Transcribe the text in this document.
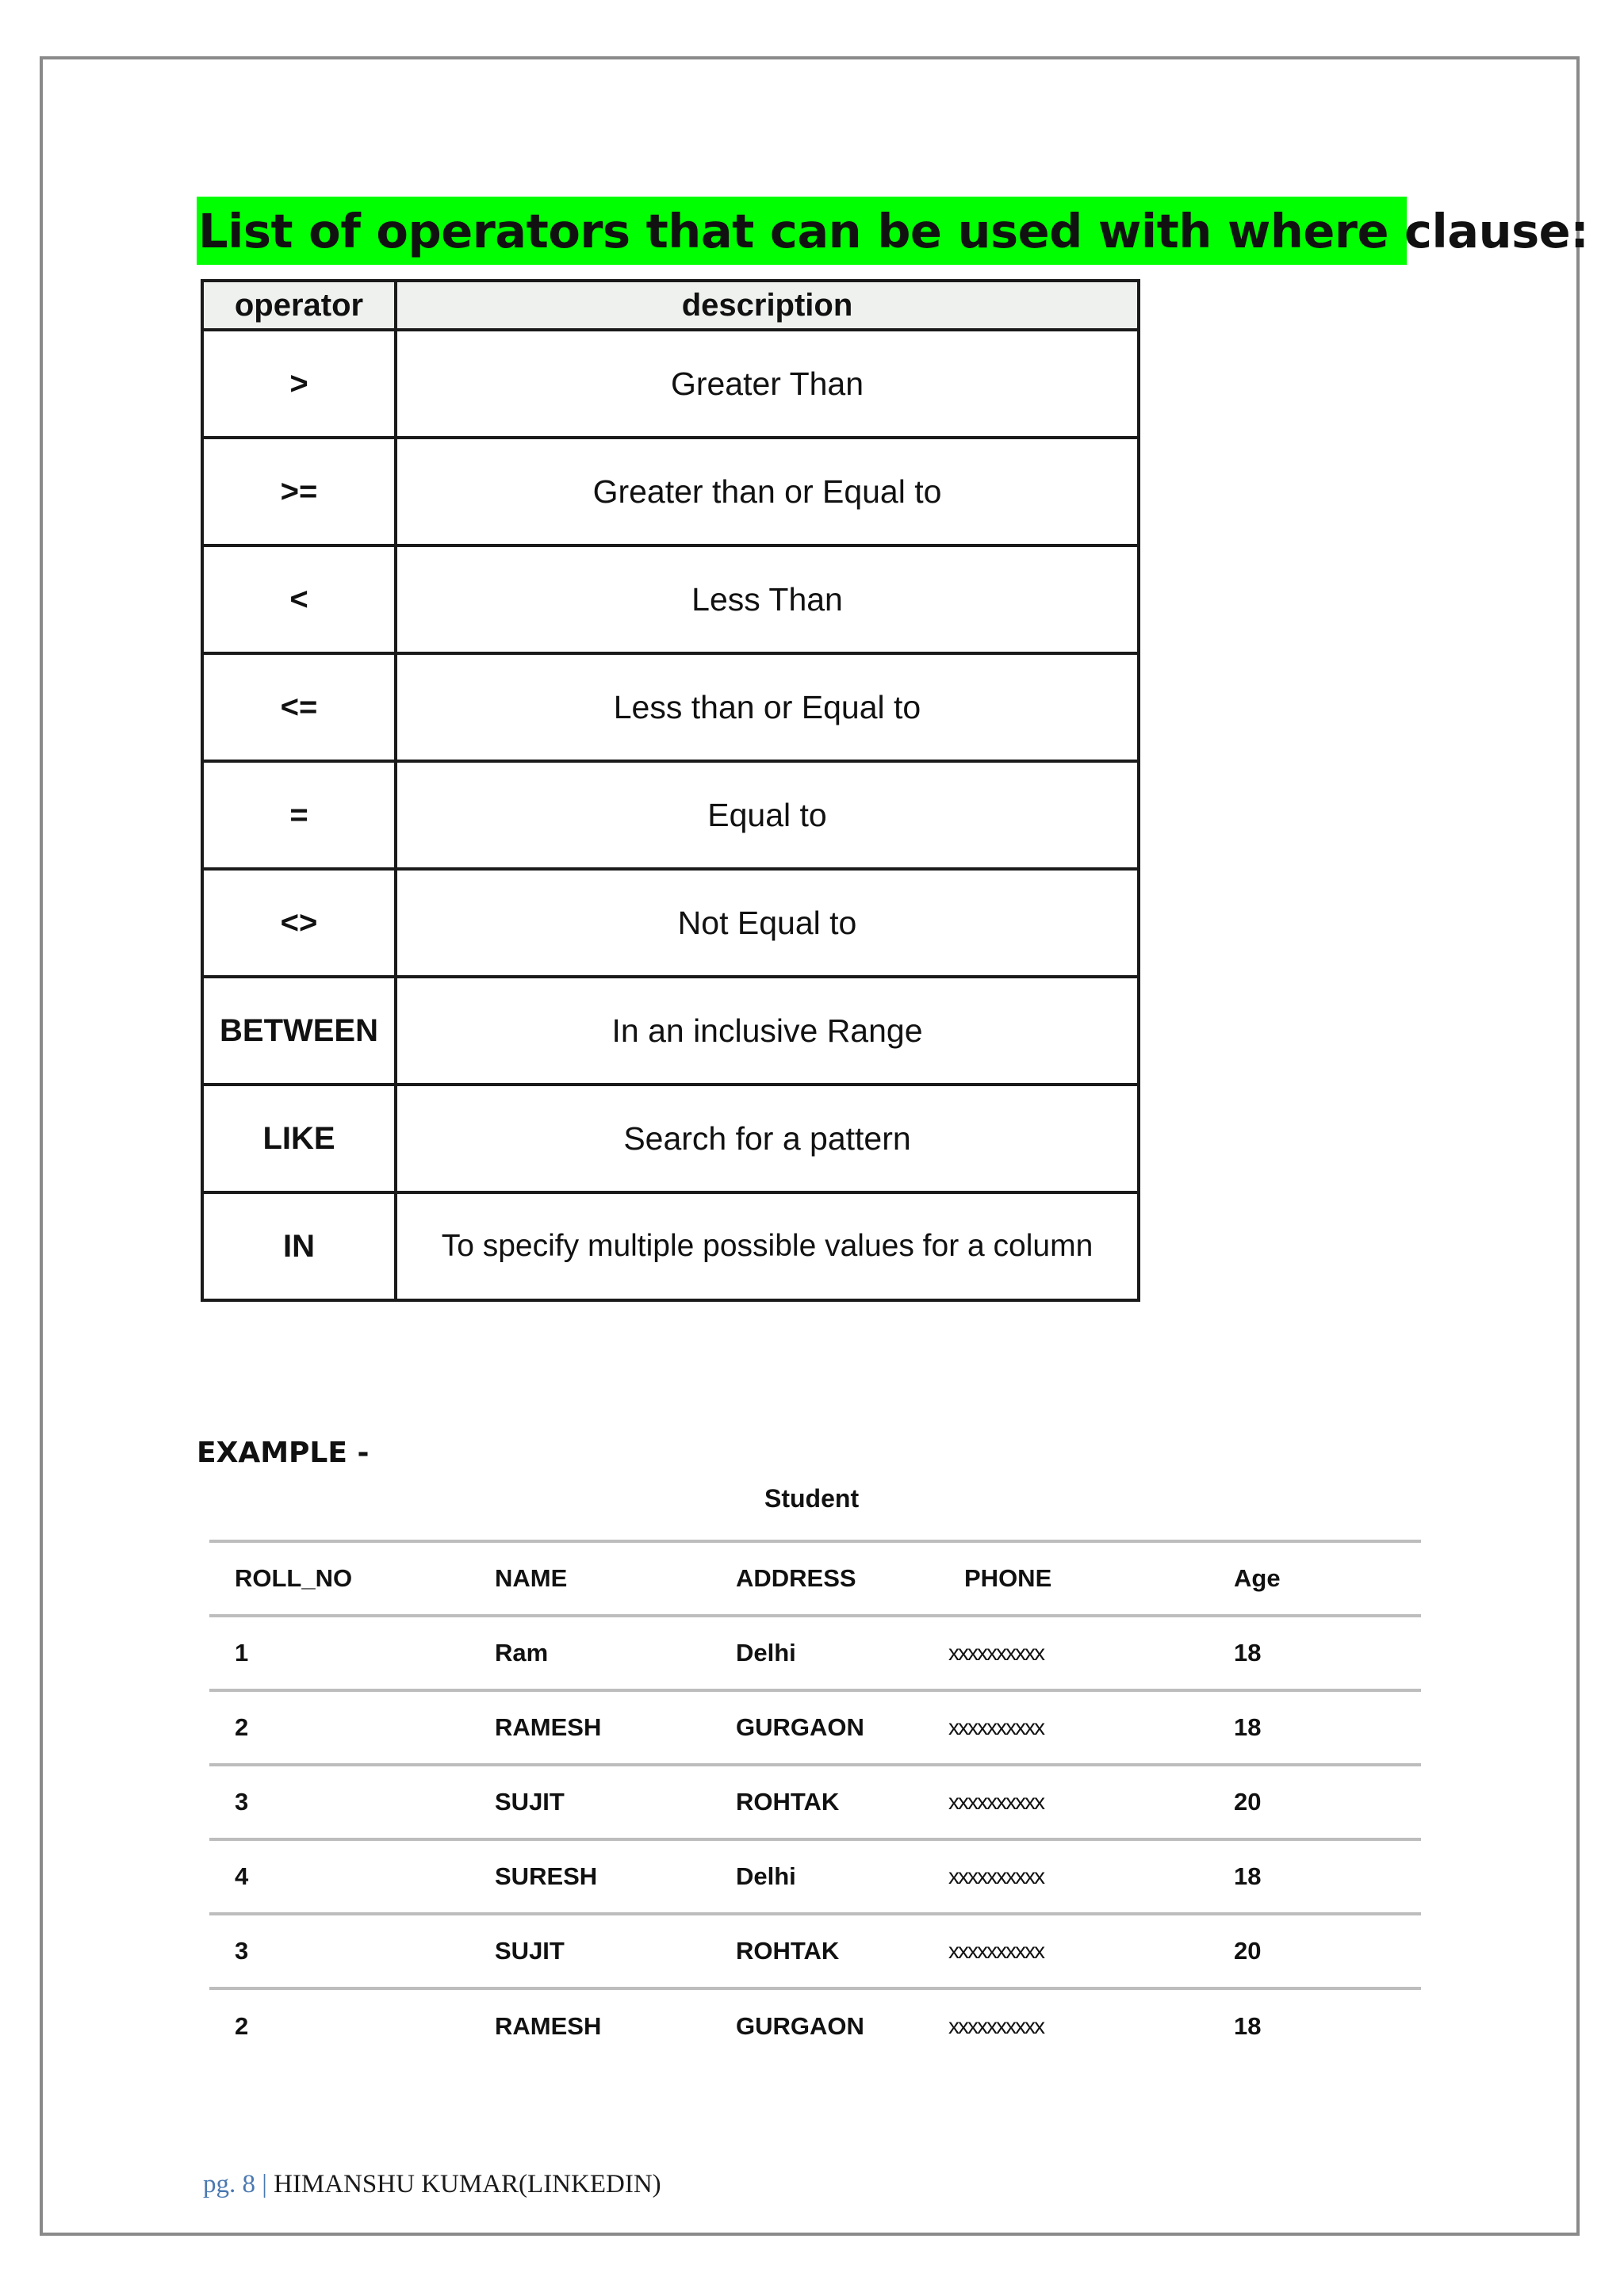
List of operators that can be used with where clause:
operator	description
>	Greater Than
>=	Greater than or Equal to
<	Less Than
<=	Less than or Equal to
=	Equal to
<>	Not Equal to
BETWEEN	In an inclusive Range
LIKE	Search for a pattern
IN	To specify multiple possible values for a column
EXAMPLE -
Student
ROLL_NO	NAME	ADDRESS	PHONE	Age
1	Ram	Delhi	xxxxxxxxxx	18
2	RAMESH	GURGAON	xxxxxxxxxx	18
3	SUJIT	ROHTAK	xxxxxxxxxx	20
4	SURESH	Delhi	xxxxxxxxxx	18
3	SUJIT	ROHTAK	xxxxxxxxxx	20
2	RAMESH	GURGAON	xxxxxxxxxx	18
pg. 8 | HIMANSHU KUMAR(LINKEDIN)
